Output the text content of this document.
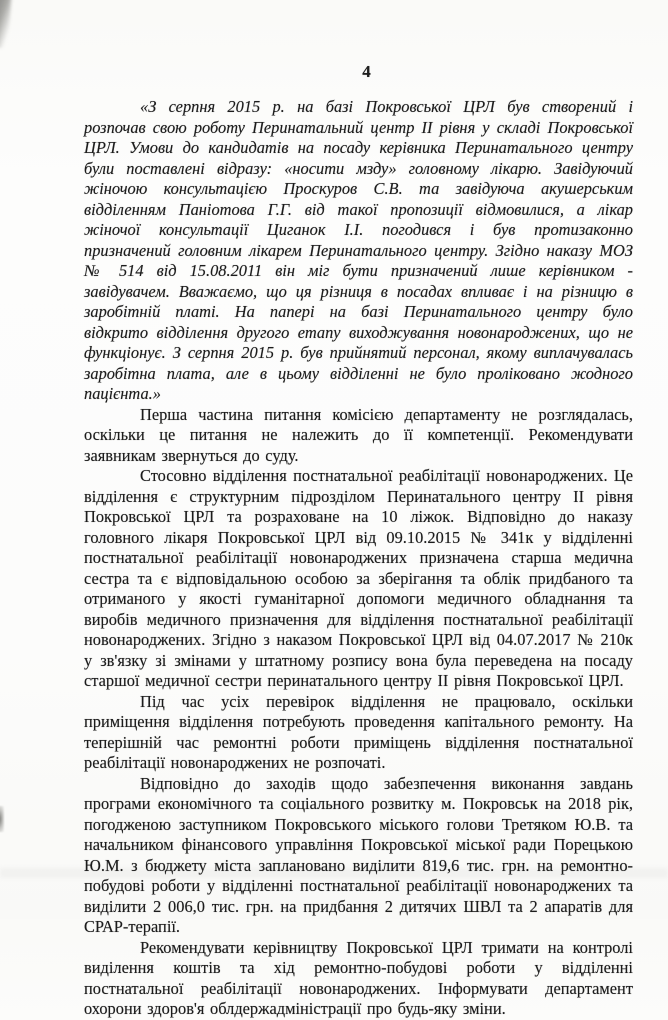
4

«З серпня 2015 р. на базі Покровської ЦРЛ був створений і розпочав свою роботу Перинатальний центр II рівня у складі Покровської ЦРЛ. Умови до кандидатів на посаду керівника Перинатального центру були поставлені відразу: «носити мзду» головному лікарю. Завідуючий жіночою консультацією Проскуров С.В. та завідуюча акушерським відділенням Паніотова Г.Г. від такої пропозиції відмовилися, а лікар жіночої консультації Циганок І.І. погодився і був протизаконно призначений головним лікарем Перинатального центру. Згідно наказу МОЗ № 514 від 15.08.2011 він міг бути призначений лише керівником - завідувачем. Вважаємо, що ця різниця в посадах впливає і на різницю в заробітній платі. На папері на базі Перинатального центру було відкрито відділення другого етапу виходжування новонароджених, що не функціонує. З серпня 2015 р. був прийнятий персонал, якому виплачувалась заробітна плата, але в цьому відділенні не було проліковано жодного пацієнта.»

Перша частина питання комісією департаменту не розглядалась, оскільки це питання не належить до її компетенції. Рекомендувати заявникам звернуться до суду.

Стосовно відділення постнатальної реабілітації новонароджених. Це відділення є структурним підрозділом Перинатального центру II рівня Покровської ЦРЛ та розраховане на 10 ліжок. Відповідно до наказу головного лікаря Покровської ЦРЛ від 09.10.2015 № 341к у відділенні постнатальної реабілітації новонароджених призначена старша медична сестра та є відповідальною особою за зберігання та облік придбаного та отриманого у якості гуманітарної допомоги медичного обладнання та виробів медичного призначення для відділення постнатальної реабілітації новонароджених. Згідно з наказом Покровської ЦРЛ від 04.07.2017 № 210к у зв'язку зі змінами у штатному розпису вона була переведена на посаду старшої медичної сестри перинатального центру II рівня Покровської ЦРЛ.

Під час усіх перевірок відділення не працювало, оскільки приміщення відділення потребують проведення капітального ремонту. На теперішній час ремонтні роботи приміщень відділення постнатальної реабілітації новонароджених не розпочаті.

Відповідно до заходів щодо забезпечення виконання завдань програми економічного та соціального розвитку м. Покровськ на 2018 рік, погодженою заступником Покровського міського голови Третяком Ю.В. та начальником фінансового управління Покровської міської ради Порецькою Ю.М. з бюджету міста заплановано виділити 819,6 тис. грн. на ремонтно-побудові роботи у відділенні постнатальної реабілітації новонароджених та виділити 2 006,0 тис. грн. на придбання 2 дитячих ШВЛ та 2 апаратів для СРАР-терапії.

Рекомендувати керівництву Покровської ЦРЛ тримати на контролі виділення коштів та хід ремонтно-побудові роботи у відділенні постнатальної реабілітації новонароджених. Інформувати департамент охорони здоров'я облдержадміністрації про будь-яку зміни.
